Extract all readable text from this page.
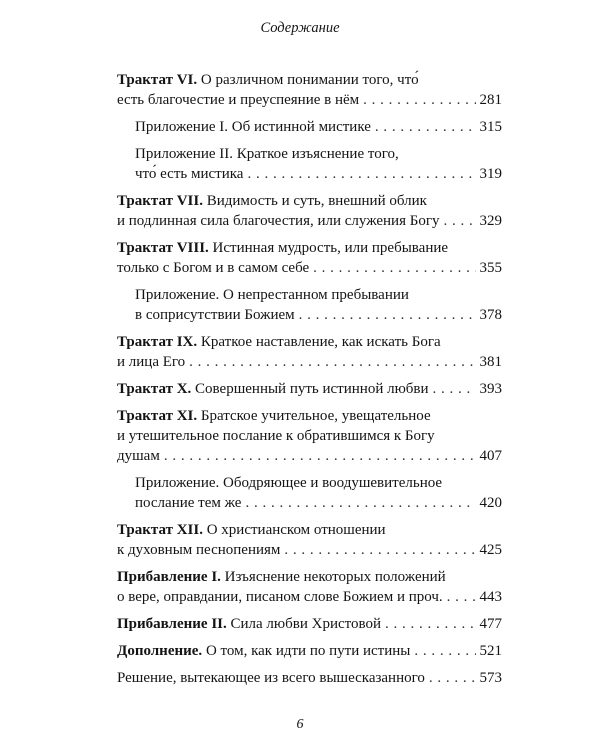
Содержание
Трактат VI. О различном понимании того, что́
есть благочестие и преуспеяние в нём . . .	281
Приложение I. Об истинной мистике . . .	315
Приложение II. Краткое изъяснение того,
что́ есть мистика . . .	319
Трактат VII. Видимость и суть, внешний облик
и подлинная сила благочестия, или служения Богу . . .	329
Трактат VIII. Истинная мудрость, или пребывание
только с Богом и в самом себе . . .	355
Приложение. О непрестанном пребывании
в соприсутствии Божием . . .	378
Трактат IX. Краткое наставление, как искать Бога
и лица Его . . .	381
Трактат X. Совершенный путь истинной любви . . .	393
Трактат XI. Братское учительное, увещательное
и утешительное послание к обратившимся к Богу
душам . . .	407
Приложение. Ободряющее и воодушевительное
послание тем же . . .	420
Трактат XII. О христианском отношении
к духовным песнопениям . . .	425
Прибавление I. Изъяснение некоторых положений
о вере, оправдании, писаном слове Божием и проч. . . . 443
Прибавление II. Сила любви Христовой . . .	477
Дополнение. О том, как идти по пути истины . . .	521
Решение, вытекающее из всего вышесказанного . . .	573
6
